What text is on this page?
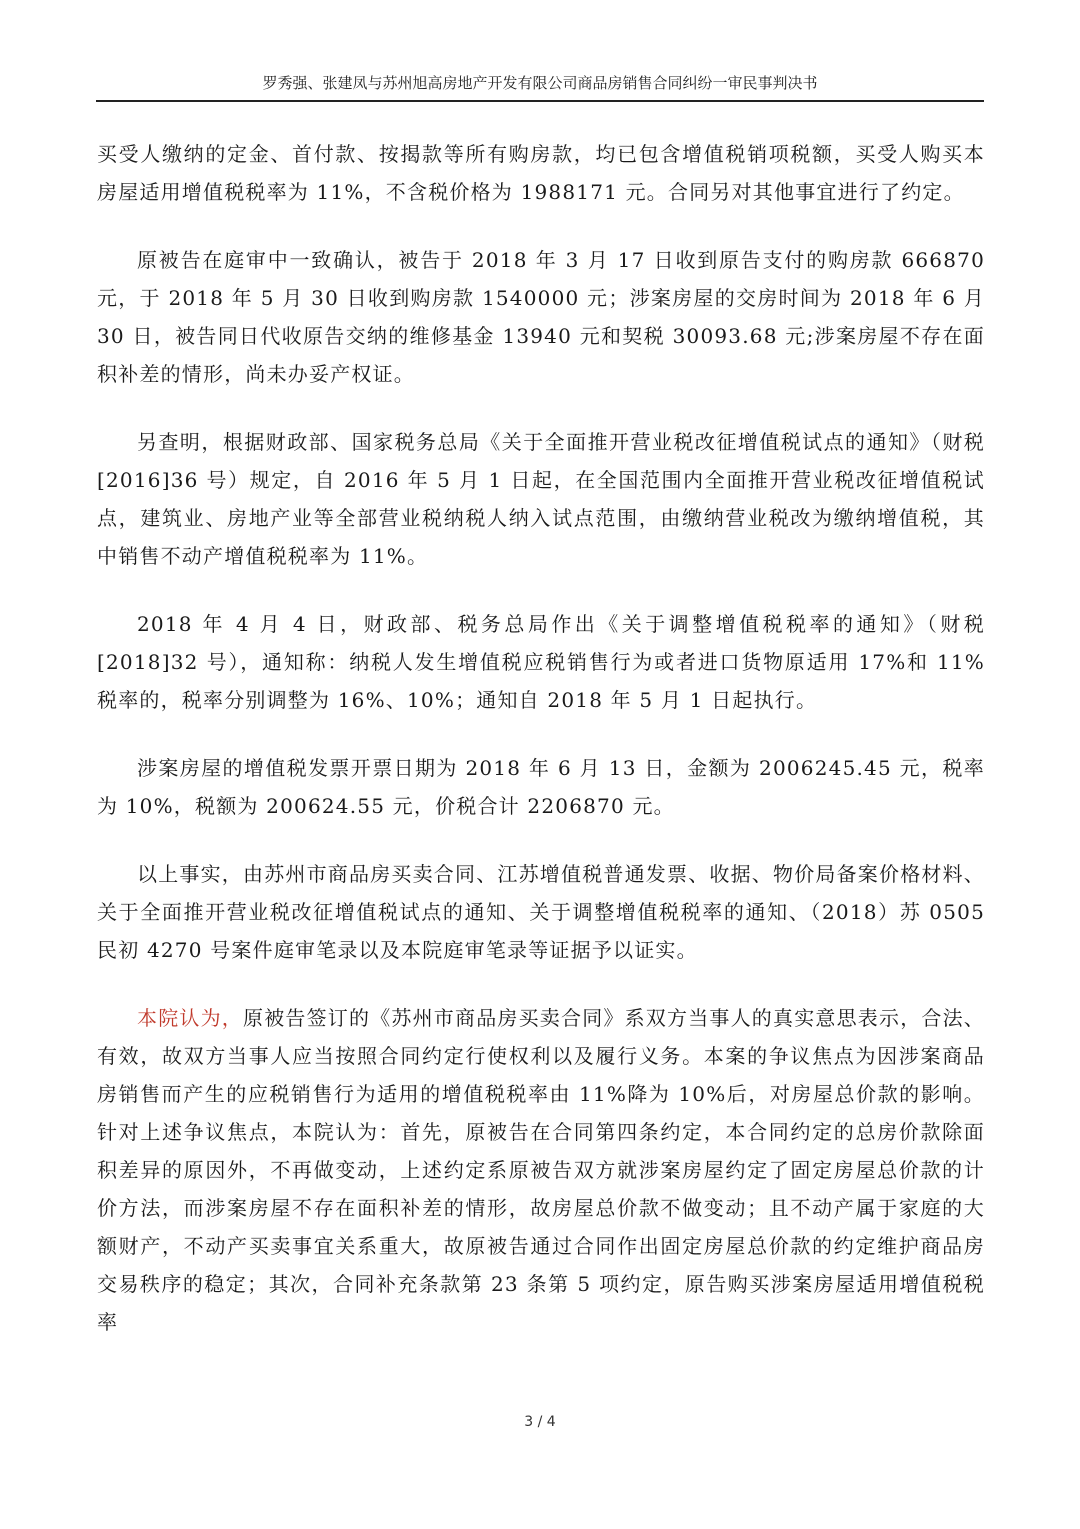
罗秀强、张建凤与苏州旭高房地产开发有限公司商品房销售合同纠纷一审民事判决书

买受人缴纳的定金、首付款、按揭款等所有购房款，均已包含增值税销项税额，买受人购买本房屋适用增值税税率为 11%，不含税价格为 1988171 元。合同另对其他事宜进行了约定。

原被告在庭审中一致确认，被告于 2018 年 3 月 17 日收到原告支付的购房款 666870 元，于 2018 年 5 月 30 日收到购房款 1540000 元；涉案房屋的交房时间为 2018 年 6 月 30 日，被告同日代收原告交纳的维修基金 13940 元和契税 30093.68 元;涉案房屋不存在面积补差的情形，尚未办妥产权证。

另查明，根据财政部、国家税务总局《关于全面推开营业税改征增值税试点的通知》（财税[2016]36 号）规定，自 2016 年 5 月 1 日起，在全国范围内全面推开营业税改征增值税试点，建筑业、房地产业等全部营业税纳税人纳入试点范围，由缴纳营业税改为缴纳增值税，其中销售不动产增值税税率为 11%。

2018 年 4 月 4 日，财政部、税务总局作出《关于调整增值税税率的通知》（财税[2018]32 号），通知称：纳税人发生增值税应税销售行为或者进口货物原适用 17%和 11%税率的，税率分别调整为 16%、10%；通知自 2018 年 5 月 1 日起执行。

涉案房屋的增值税发票开票日期为 2018 年 6 月 13 日，金额为 2006245.45 元，税率为 10%，税额为 200624.55 元，价税合计 2206870 元。

以上事实，由苏州市商品房买卖合同、江苏增值税普通发票、收据、物价局备案价格材料、关于全面推开营业税改征增值税试点的通知、关于调整增值税税率的通知、（2018）苏 0505 民初 4270 号案件庭审笔录以及本院庭审笔录等证据予以证实。

本院认为，原被告签订的《苏州市商品房买卖合同》系双方当事人的真实意思表示，合法、有效，故双方当事人应当按照合同约定行使权利以及履行义务。本案的争议焦点为因涉案商品房销售而产生的应税销售行为适用的增值税税率由 11%降为 10%后，对房屋总价款的影响。针对上述争议焦点，本院认为：首先，原被告在合同第四条约定，本合同约定的总房价款除面积差异的原因外，不再做变动，上述约定系原被告双方就涉案房屋约定了固定房屋总价款的计价方法，而涉案房屋不存在面积补差的情形，故房屋总价款不做变动；且不动产属于家庭的大额财产，不动产买卖事宜关系重大，故原被告通过合同作出固定房屋总价款的约定维护商品房交易秩序的稳定；其次，合同补充条款第 23 条第 5 项约定，原告购买涉案房屋适用增值税税率

3 / 4
